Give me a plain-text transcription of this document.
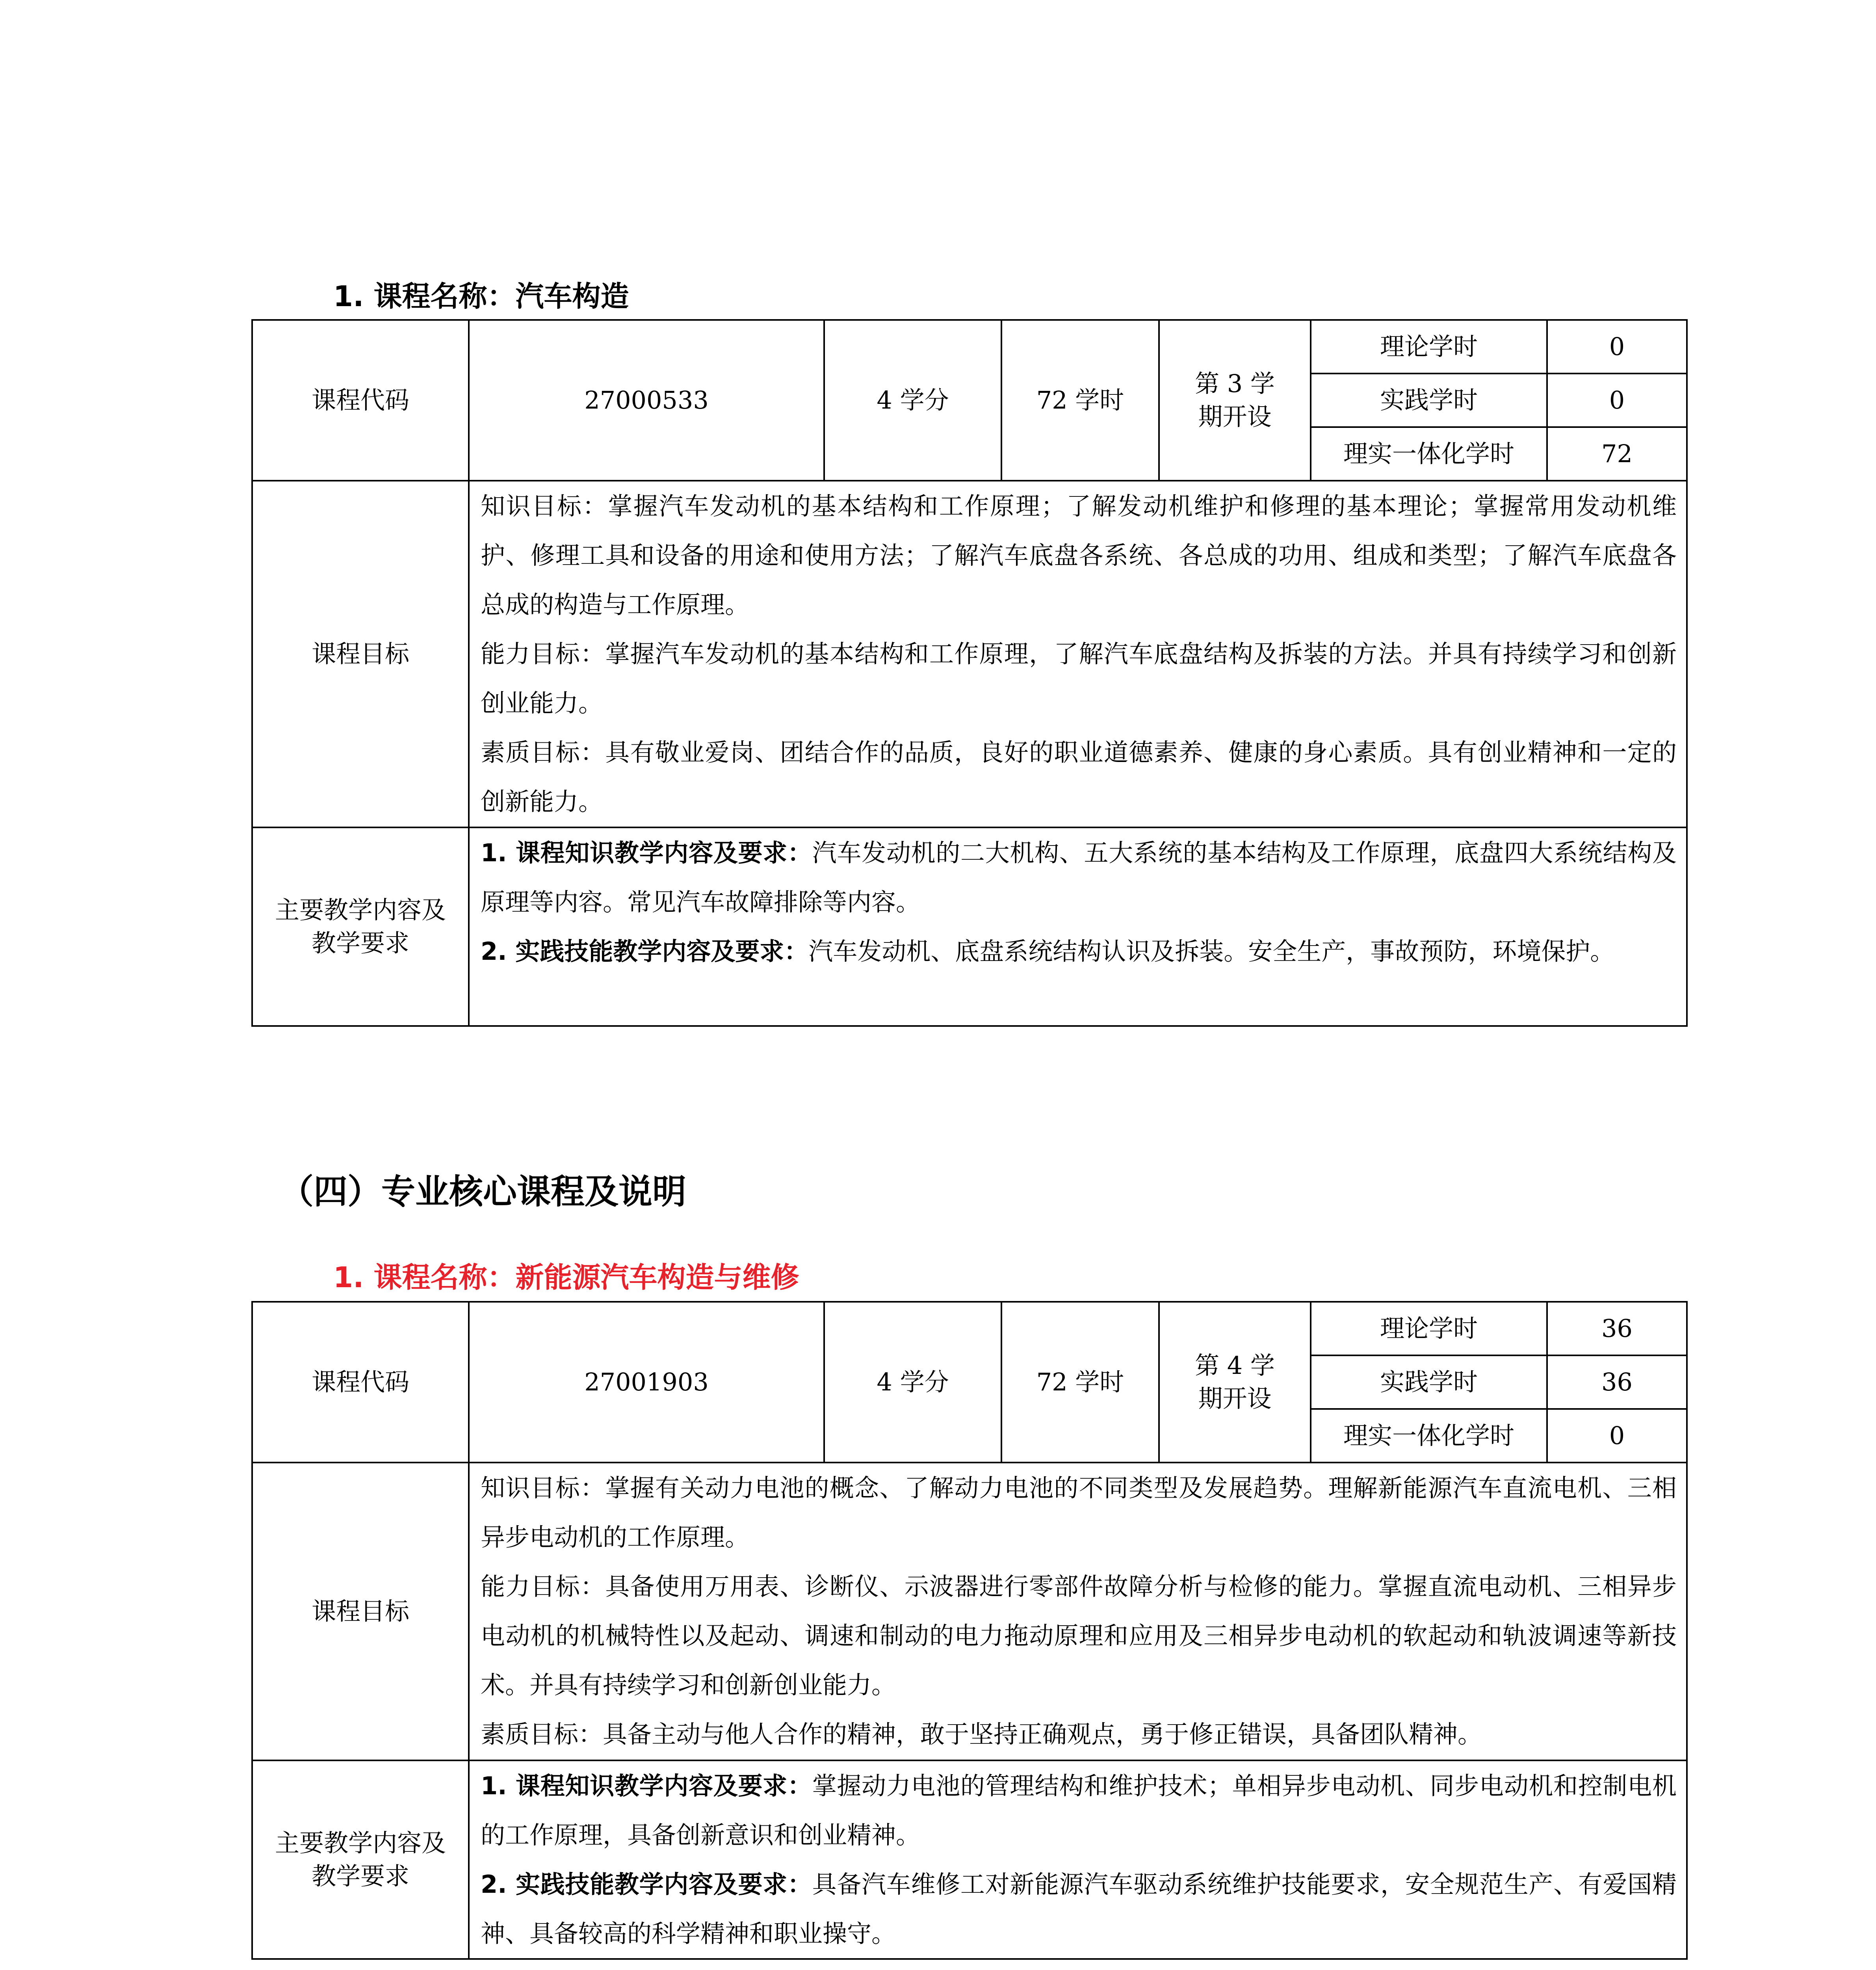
1. 课程名称：汽车构造
课程代码	27000533	4 学分	72 学时	第 3 学期开设	理论学时	0
					实践学时	0
					理实一体化学时	72
课程目标	知识目标：掌握汽车发动机的基本结构和工作原理；了解发动机维护和修理的基本理论；掌握常用发动机维护、修理工具和设备的用途和使用方法；了解汽车底盘各系统、各总成的功用、组成和类型；了解汽车底盘各总成的构造与工作原理。
能力目标：掌握汽车发动机的基本结构和工作原理，了解汽车底盘结构及拆装的方法。并具有持续学习和创新创业能力。
素质目标：具有敬业爱岗、团结合作的品质，良好的职业道德素养、健康的身心素质。具有创业精神和一定的创新能力。					

主要教学内容及教学要求	1. 课程知识教学内容及要求：汽车发动机的二大机构、五大系统的基本结构及工作原理，底盘四大系统结构及原理等内容。常见汽车故障排除等内容。
2. 实践技能教学内容及要求：汽车发动机、底盘系统结构认识及拆装。安全生产，事故预防，环境保护。					
（四）专业核心课程及说明
1. 课程名称：新能源汽车构造与维修
课程代码	27001903	4 学分	72 学时	第 4 学期开设	理论学时	36
					实践学时	36
					理实一体化学时	0
课程目标	知识目标：掌握有关动力电池的概念、了解动力电池的不同类型及发展趋势。理解新能源汽车直流电机、三相异步电动机的工作原理。
能力目标：具备使用万用表、诊断仪、示波器进行零部件故障分析与检修的能力。掌握直流电动机、三相异步电动机的机械特性以及起动、调速和制动的电力拖动原理和应用及三相异步电动机的软起动和轨波调速等新技术。并具有持续学习和创新创业能力。
素质目标：具备主动与他人合作的精神，敢于坚持正确观点，勇于修正错误，具备团队精神。					

主要教学内容及教学要求	1. 课程知识教学内容及要求：掌握动力电池的管理结构和维护技术；单相异步电动机、同步电动机和控制电机的工作原理，具备创新意识和创业精神。
2. 实践技能教学内容及要求：具备汽车维修工对新能源汽车驱动系统维护技能要求，安全规范生产、有爱国精神、具备较高的科学精神和职业操守。					
